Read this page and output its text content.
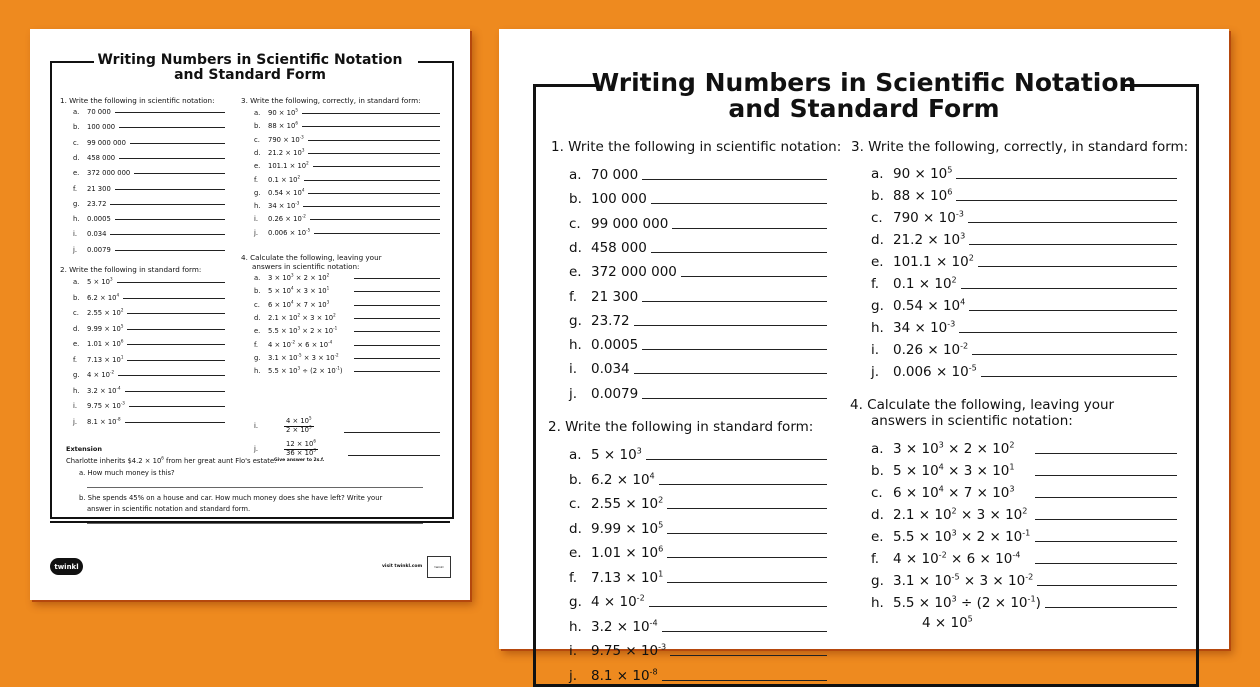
Writing Numbers in Scientific Notation
and Standard Form
1. Write the following in scientific notation:
a.	70 000
b.	100 000
c.	99 000 000
d.	458 000
e.	372 000 000
f.	21 300
g.	23.72
h.	0.0005
i.	0.034
j.	0.0079
2. Write the following in standard form:
a.	$5 \times 10^3$
b.	$6.2 \times 10^4$
c.	$2.55 \times 10^2$
d.	$9.99 \times 10^5$
e.	$1.01 \times 10^6$
f.	$7.13 \times 10^1$
g.	$4 \times 10^{-2}$
h.	$3.2 \times 10^{-4}$
i.	$9.75 \times 10^{-3}$
j.	$8.1 \times 10^{-8}$
3. Write the following, correctly, in standard form:
a.	$90 \times 10^5$
b.	$88 \times 10^6$
c.	$790 \times 10^{-3}$
d.	$21.2 \times 10^3$
e.	$101.1 \times 10^2$
f.	$0.1 \times 10^2$
g.	$0.54 \times 10^4$
h.	$34 \times 10^{-3}$
i.	$0.26 \times 10^{-2}$
j.	$0.006 \times 10^{-5}$
4. Calculate the following, leaving your
answers in scientific notation:
a.	$3 \times 10^3 \times 2 \times 10^2$
b.	$5 \times 10^4 \times 3 \times 10^1$
c.	$6 \times 10^4 \times 7 \times 10^3$
d.	$2.1 \times 10^2 \times 3 \times 10^2$
e.	$5.5 \times 10^3 \times 2 \times 10^{-1}$
f.	$4 \times 10^{-2} \times 6 \times 10^{-4}$
g.	$3.1 \times 10^{-5} \times 3 \times 10^{-2}$
h.	$5.5 \times 10^3 \div (2 \times 10^{-1})$
i.	$\frac{4 \times 10^5}{2 \times 10^3}$
j.	$\frac{12 \times 10^6}{36 \times 10^3}$
Give answer to 2s.f.
Extension
Charlotte inherits $4.2 × $10^6$ from her great aunt Flo's estate.
a. How much money is this?
b. She spends 45% on a house and car. How much money does she have left? Write your
answer in scientific notation and standard form.
twinkl	visit twinkl.com	twinkl
Writing Numbers in Scientific Notation
and Standard Form
1. Write the following in scientific notation:
a. 70 000
b. 100 000
c. 99 000 000
d. 458 000
e. 372 000 000
f.	21 300
g. 23.72
h. 0.0005
i.	0.034
j.	0.0079
2. Write the following in standard form:
a. $5 \times 10^3$
b. $6.2 \times 10^4$
c. $2.55 \times 10^2$
d. $9.99 \times 10^5$
e. $1.01 \times 10^6$
f.	$7.13 \times 10^1$
g. $4 \times 10^{-2}$
h. $3.2 \times 10^{-4}$
i.	$9.75 \times 10^{-3}$
j.	$8.1 \times 10^{-8}$
3. Write the following, correctly, in standard form:
a. $90 \times 10^5$
b. $88 \times 10^6$
c. $790 \times 10^{-3}$
d. $21.2 \times 10^3$
e. $101.1 \times 10^2$
f.	$0.1 \times 10^2$
g. $0.54 \times 10^4$
h. $34 \times 10^{-3}$
i.	$0.26 \times 10^{-2}$
j.	$0.006 \times 10^{-5}$
4. Calculate the following, leaving your
answers in scientific notation:
a. $3 \times 10^3 \times 2 \times 10^2$
b. $5 \times 10^4 \times 3 \times 10^1$
c. $6 \times 10^4 \times 7 \times 10^3$
d. $2.1 \times 10^2 \times 3 \times 10^2$
e. $5.5 \times 10^3 \times 2 \times 10^{-1}$
f.	$4 \times 10^{-2} \times 6 \times 10^{-4}$
g. $3.1 \times 10^{-5} \times 3 \times 10^{-2}$
h. $5.5 \times 10^3 \div (2 \times 10^{-1})$
$4 \times 10^5$
